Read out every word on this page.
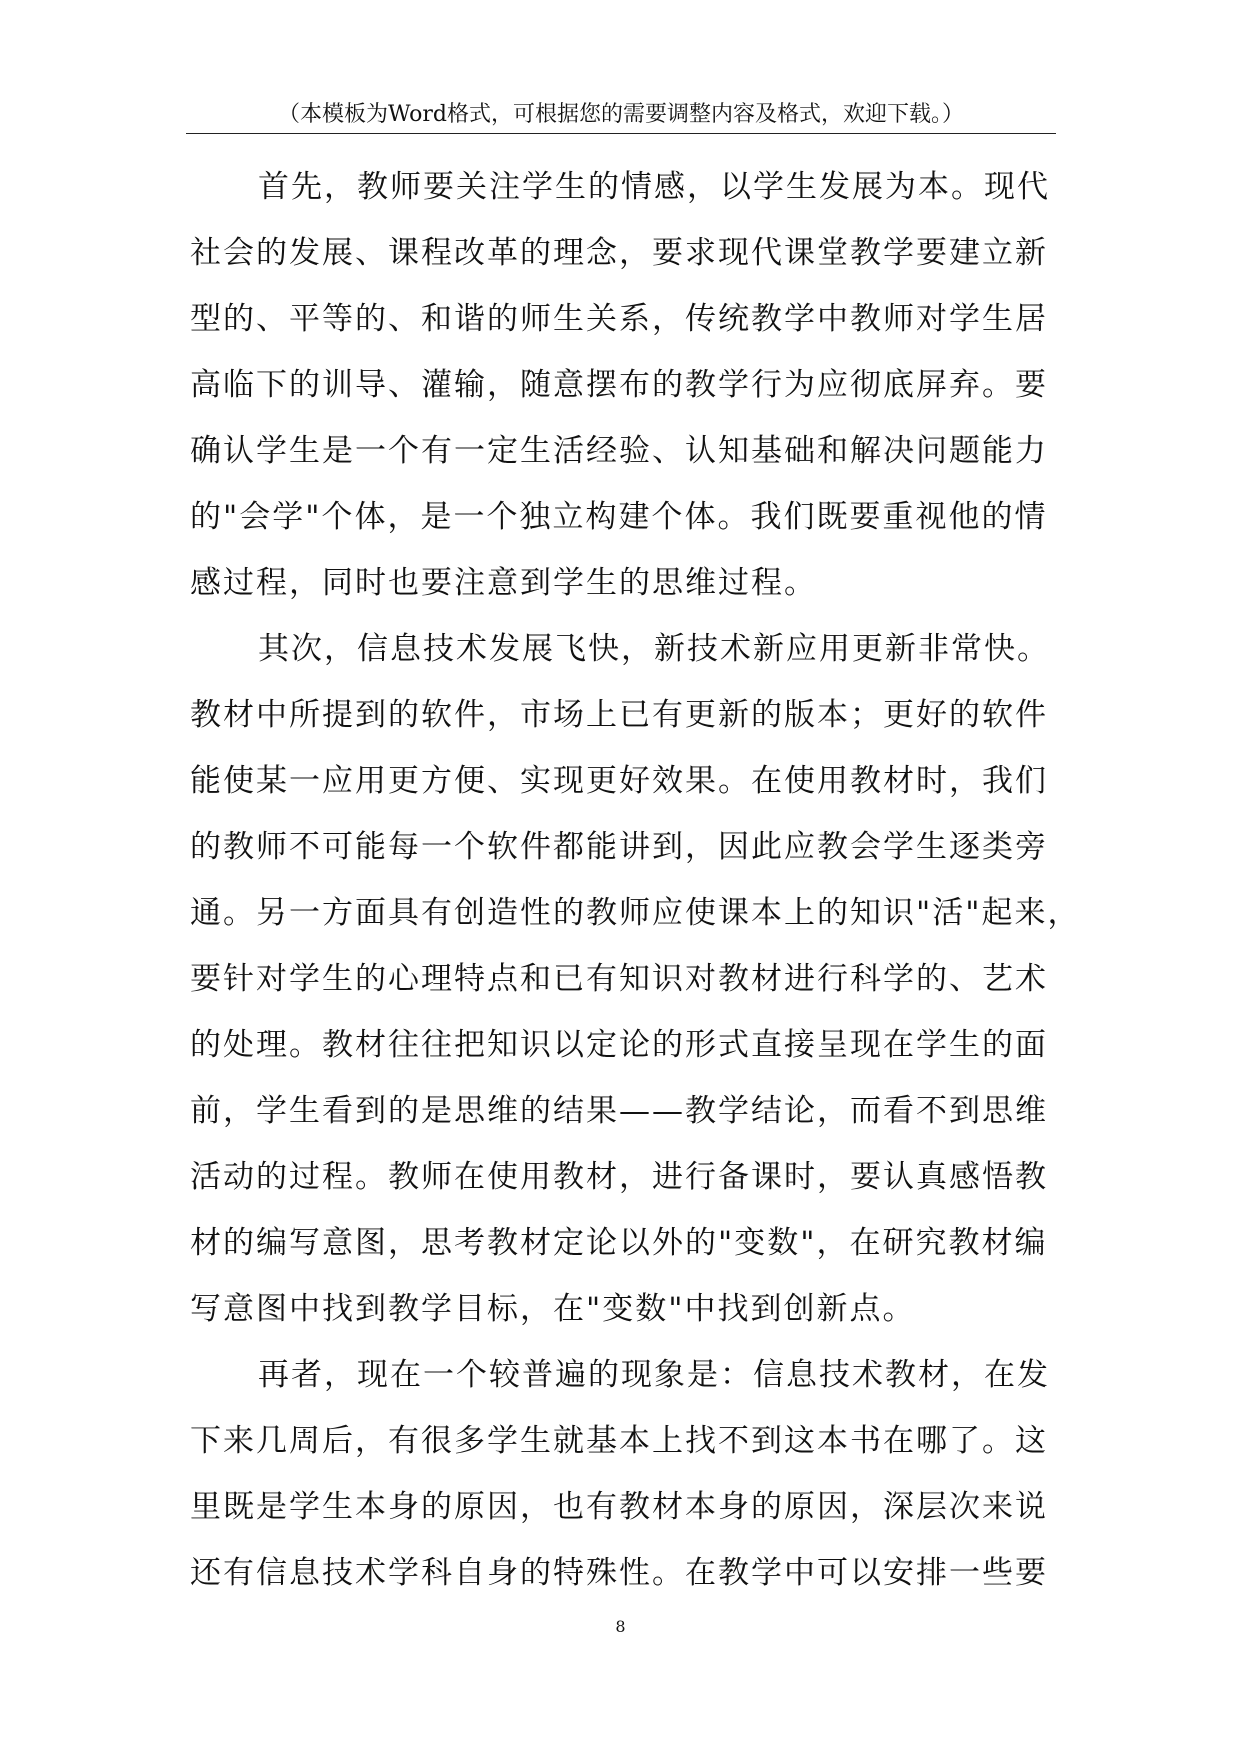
（本模板为Word格式，可根据您的需要调整内容及格式，欢迎下载。）
首先，教师要关注学生的情感，以学生发展为本。现代
社会的发展、课程改革的理念，要求现代课堂教学要建立新
型的、平等的、和谐的师生关系，传统教学中教师对学生居
高临下的训导、灌输，随意摆布的教学行为应彻底屏弃。要
确认学生是一个有一定生活经验、认知基础和解决问题能力
的"会学"个体，是一个独立构建个体。我们既要重视他的情
感过程，同时也要注意到学生的思维过程。
其次，信息技术发展飞快，新技术新应用更新非常快。
教材中所提到的软件，市场上已有更新的版本；更好的软件
能使某一应用更方便、实现更好效果。在使用教材时，我们
的教师不可能每一个软件都能讲到，因此应教会学生逐类旁
通。另一方面具有创造性的教师应使课本上的知识"活"起来，
要针对学生的心理特点和已有知识对教材进行科学的、艺术
的处理。教材往往把知识以定论的形式直接呈现在学生的面
前，学生看到的是思维的结果——教学结论，而看不到思维
活动的过程。教师在使用教材，进行备课时，要认真感悟教
材的编写意图，思考教材定论以外的"变数"，在研究教材编
写意图中找到教学目标，在"变数"中找到创新点。
再者，现在一个较普遍的现象是：信息技术教材，在发
下来几周后，有很多学生就基本上找不到这本书在哪了。这
里既是学生本身的原因，也有教材本身的原因，深层次来说
还有信息技术学科自身的特殊性。在教学中可以安排一些要
8
